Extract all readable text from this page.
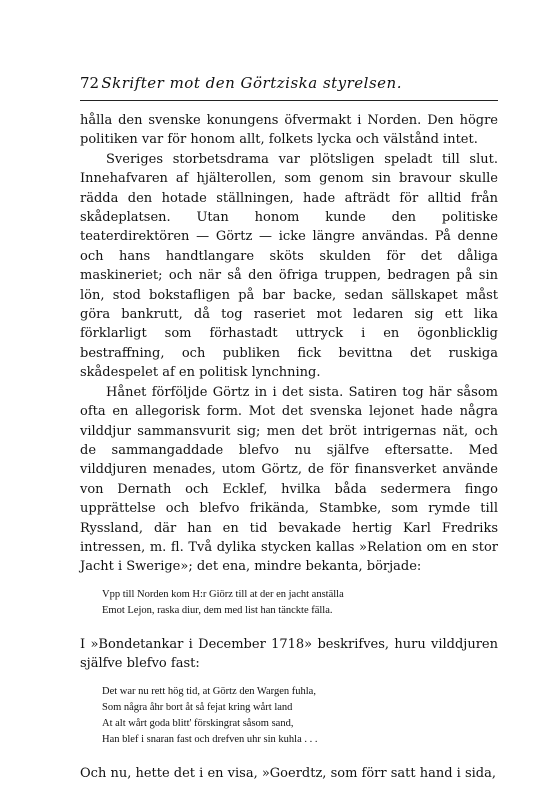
72 Skrifter mot den Görtziska styrelsen.

hålla den svenske konungens öfvermakt i Norden. Den högre politiken var för honom allt, folkets lycka och välstånd intet.

Sveriges storbetsdrama var plötsligen speladt till slut. Innehafvaren af hjälterollen, som genom sin bravour skulle rädda den hotade ställningen, hade afträdt för alltid från skådeplatsen. Utan honom kunde den politiske teaterdirektören — Görtz — icke längre användas. På denne och hans handtlangare sköts skulden för det dåliga maskineriet; och när så den öfriga truppen, bedragen på sin lön, stod bokstafligen på bar backe, sedan sällskapet måst göra bankrutt, då tog raseriet mot ledaren sig ett lika förklarligt som förhastadt uttryck i en ögonblicklig bestraffning, och publiken fick bevittna det ruskiga skådespelet af en politisk lynchning.

Hånet förföljde Görtz in i det sista. Satiren tog här såsom ofta en allegorisk form. Mot det svenska lejonet hade några vilddjur sammansvurit sig; men det bröt intrigernas nät, och de sammangaddade blefvo nu själfve eftersatte. Med vilddjuren menades, utom Görtz, de för finansverket använde von Dernath och Ecklef, hvilka båda sedermera fingo upprättelse och blefvo frikända, Stambke, som rymde till Ryssland, där han en tid bevakade hertig Karl Fredriks intressen, m. fl. Två dylika stycken kallas »Relation om en stor Jacht i Swerige»; det ena, mindre bekanta, började:

Vpp till Norden kom H:r Giörz till at der en jacht anställa
Emot Lejon, raska diur, dem med list han tänckte fälla.

I »Bondetankar i December 1718» beskrifves, huru vilddjuren själfve blefvo fast:

Det war nu rett hög tid, at Görtz den Wargen fuhla,
Som några åhr bort åt så fejat kring wårt land
At alt wårt goda blitt' förskingrat såsom sand,
Han blef i snaran fast och drefven uhr sin kuhla . . .

Och nu, hette det i en visa, »Goerdtz, som förr satt hand i sida,
